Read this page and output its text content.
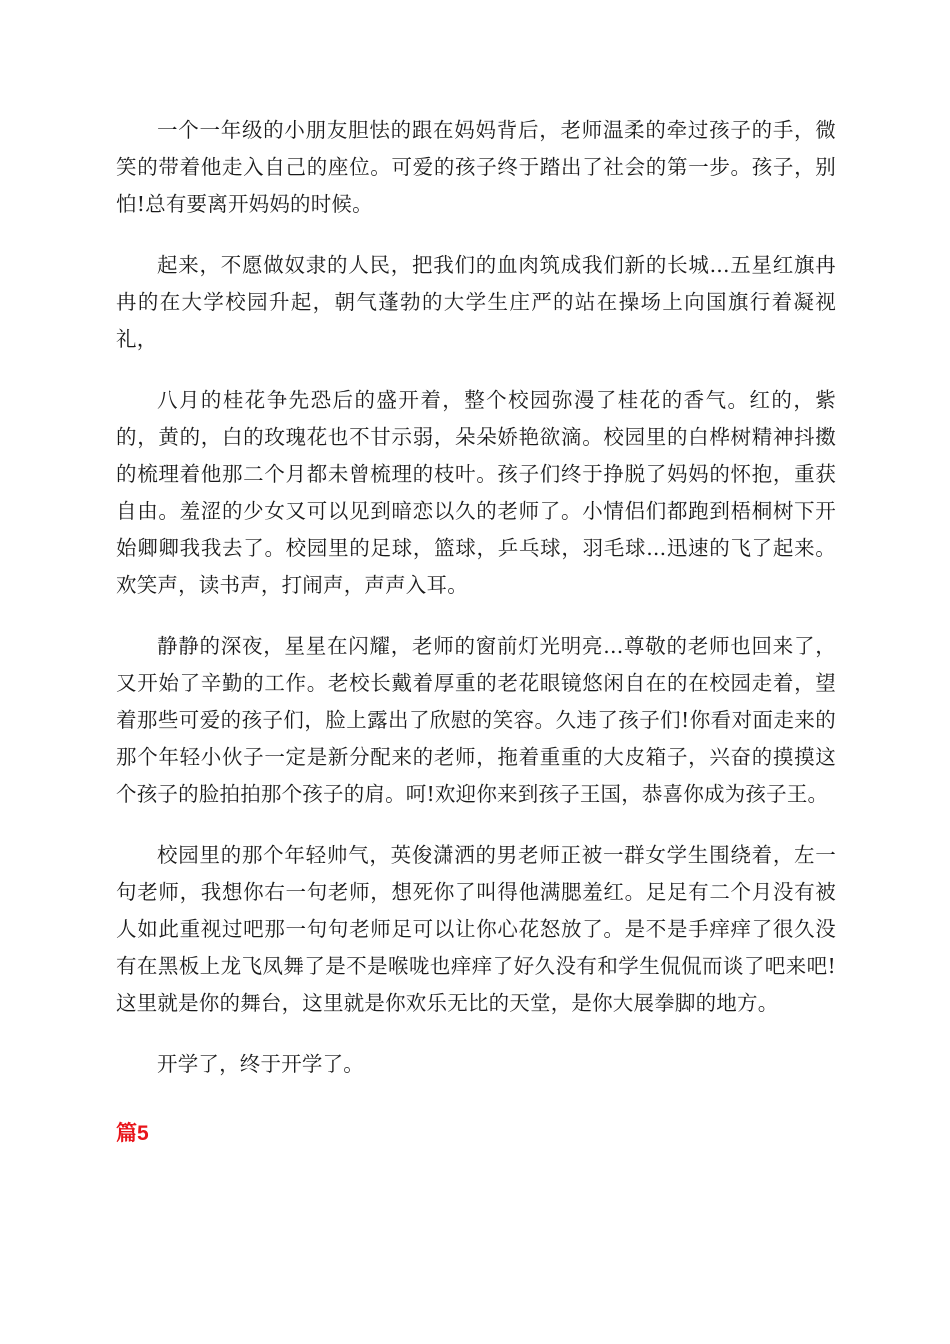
一个一年级的小朋友胆怯的跟在妈妈背后，老师温柔的牵过孩子的手，微笑的带着他走入自己的座位。可爱的孩子终于踏出了社会的第一步。孩子，别怕!总有要离开妈妈的时候。

起来，不愿做奴隶的人民，把我们的血肉筑成我们新的长城...五星红旗冉冉的在大学校园升起，朝气蓬勃的大学生庄严的站在操场上向国旗行着凝视礼，

八月的桂花争先恐后的盛开着，整个校园弥漫了桂花的香气。红的，紫的，黄的，白的玫瑰花也不甘示弱，朵朵娇艳欲滴。校园里的白桦树精神抖擞的梳理着他那二个月都未曾梳理的枝叶。孩子们终于挣脱了妈妈的怀抱，重获自由。羞涩的少女又可以见到暗恋以久的老师了。小情侣们都跑到梧桐树下开始卿卿我我去了。校园里的足球，篮球，乒乓球，羽毛球...迅速的飞了起来。欢笑声，读书声，打闹声，声声入耳。

静静的深夜，星星在闪耀，老师的窗前灯光明亮...尊敬的老师也回来了，又开始了辛勤的工作。老校长戴着厚重的老花眼镜悠闲自在的在校园走着，望着那些可爱的孩子们，脸上露出了欣慰的笑容。久违了孩子们!你看对面走来的那个年轻小伙子一定是新分配来的老师，拖着重重的大皮箱子，兴奋的摸摸这个孩子的脸拍拍那个孩子的肩。呵!欢迎你来到孩子王国，恭喜你成为孩子王。

校园里的那个年轻帅气，英俊潇洒的男老师正被一群女学生围绕着，左一句老师，我想你右一句老师，想死你了叫得他满腮羞红。足足有二个月没有被人如此重视过吧那一句句老师足可以让你心花怒放了。是不是手痒痒了很久没有在黑板上龙飞凤舞了是不是喉咙也痒痒了好久没有和学生侃侃而谈了吧来吧!这里就是你的舞台，这里就是你欢乐无比的天堂，是你大展拳脚的地方。

开学了，终于开学了。

篇5
